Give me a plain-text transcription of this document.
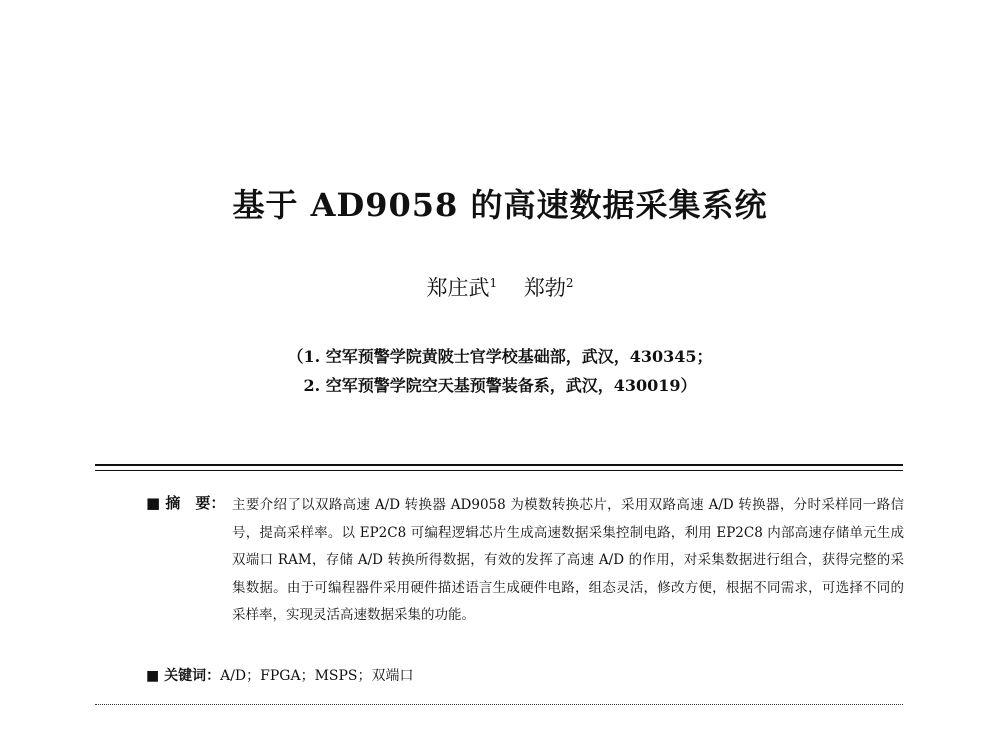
基于 AD9058 的高速数据采集系统
郑庄武$^1$ 郑勃$^2$
（1. 空军预警学院黄陂士官学校基础部，武汉，430345；
2. 空军预警学院空天基预警装备系，武汉，430019）
■ 摘　要： 主要介绍了以双路高速 A/D 转换器 AD9058 为模数转换芯片，采用双路高速 A/D 转换器，分时采样同一路信号，提高采样率。以 EP2C8 可编程逻辑芯片生成高速数据采集控制电路，利用 EP2C8 内部高速存储单元生成双端口 RAM，存储 A/D 转换所得数据，有效的发挥了高速 A/D 的作用，对采集数据进行组合，获得完整的采集数据。由于可编程器件采用硬件描述语言生成硬件电路，组态灵活，修改方便，根据不同需求，可选择不同的采样率，实现灵活高速数据采集的功能。
■ 关键词：A/D；FPGA；MSPS；双端口
